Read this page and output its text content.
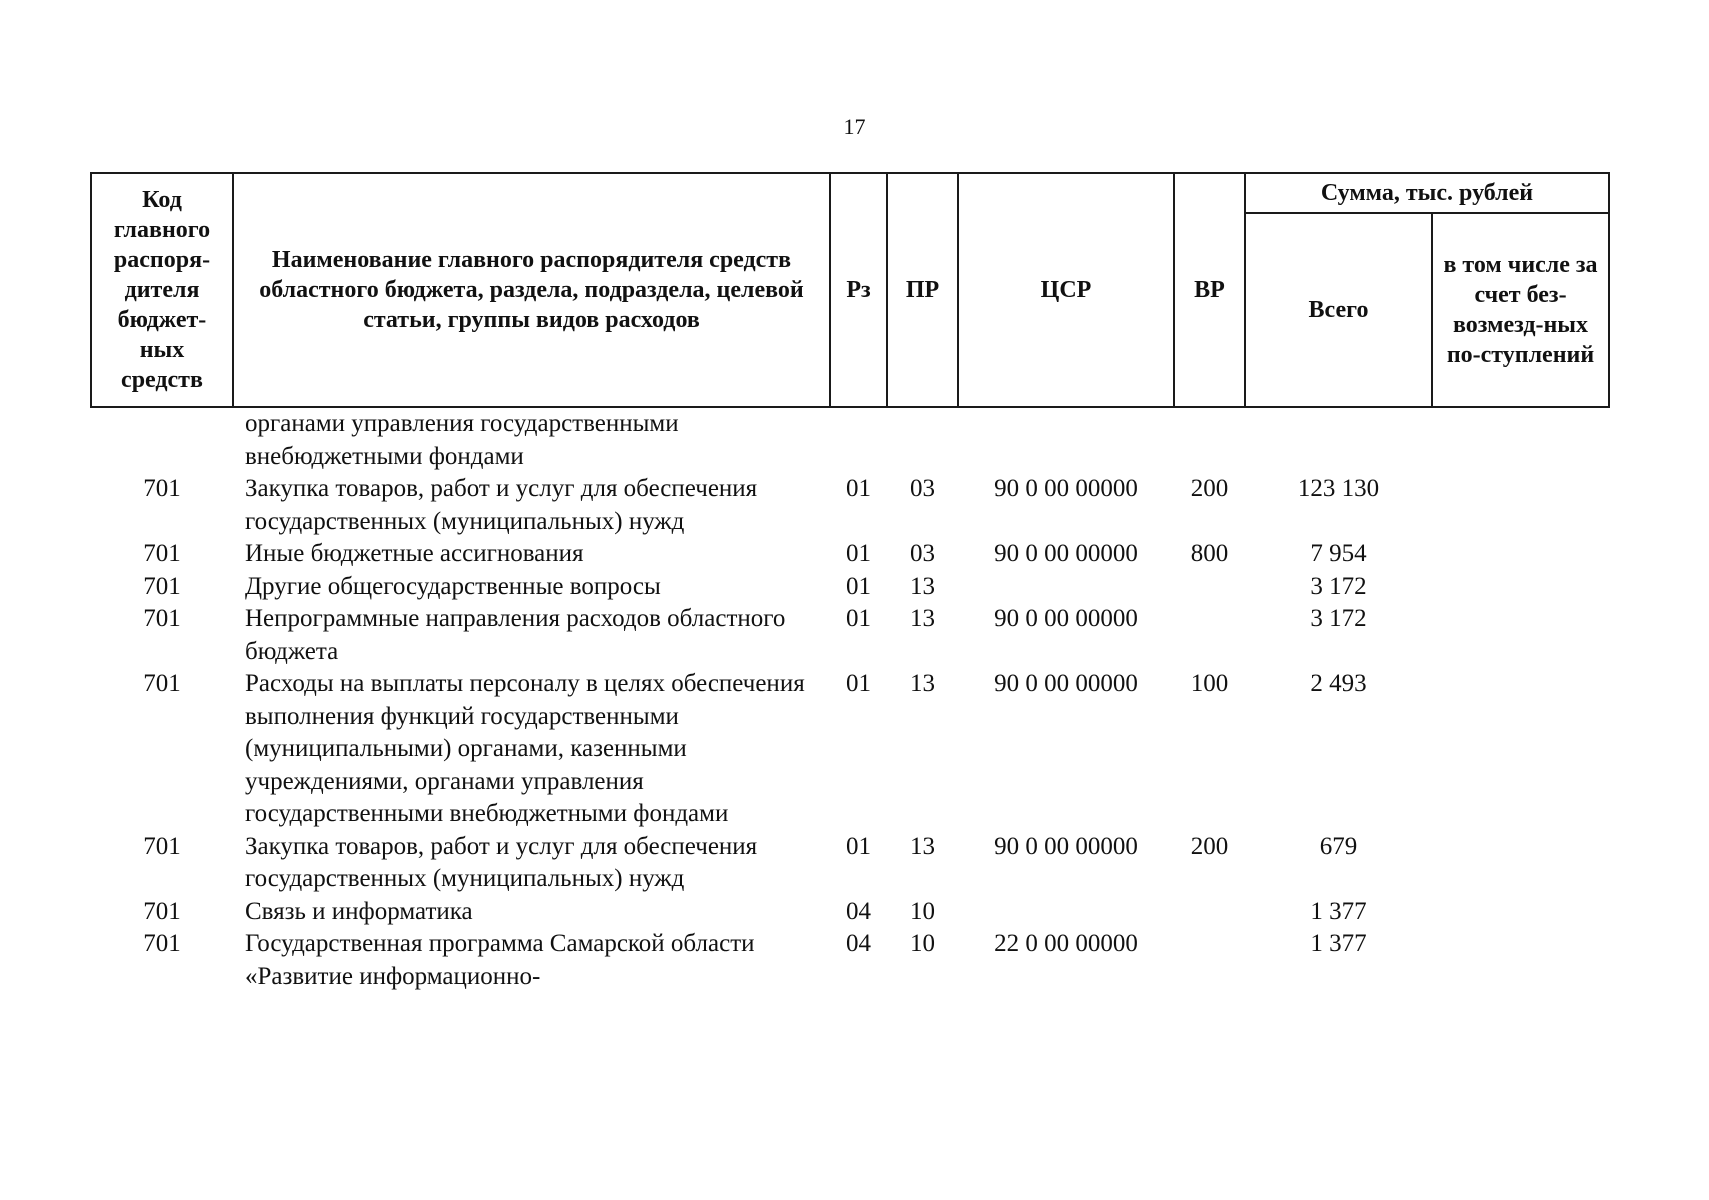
17
Код главного распоря-дителя бюджет-ных средств	Наименование главного распорядителя средств областного бюджета, раздела, подраздела, целевой статьи, группы видов расходов	Рз	ПР	ЦСР	ВР	Сумма, тыс. рублей	
						Всего	в том числе за счет без-возмезд-ных по-ступлений
	органами управления государственными внебюджетными фондами						
701	Закупка товаров, работ и услуг для обеспечения государственных (муниципальных) нужд	01	03	90 0 00 00000	200	123 130	
701	Иные бюджетные ассигнования	01	03	90 0 00 00000	800	7 954	
701	Другие общегосударственные вопросы	01	13			3 172	
701	Непрограммные направления расходов областного бюджета	01	13	90 0 00 00000		3 172	
701	Расходы на выплаты персоналу в целях обеспечения выполнения функций государственными (муниципальными) органами, казенными учреждениями, органами управления государственными внебюджетными фондами	01	13	90 0 00 00000	100	2 493	
701	Закупка товаров, работ и услуг для обеспечения государственных (муниципальных) нужд	01	13	90 0 00 00000	200	679	
701	Связь и информатика	04	10			1 377	
701	Государственная программа Самарской области «Развитие информационно-	04	10	22 0 00 00000		1 377	
